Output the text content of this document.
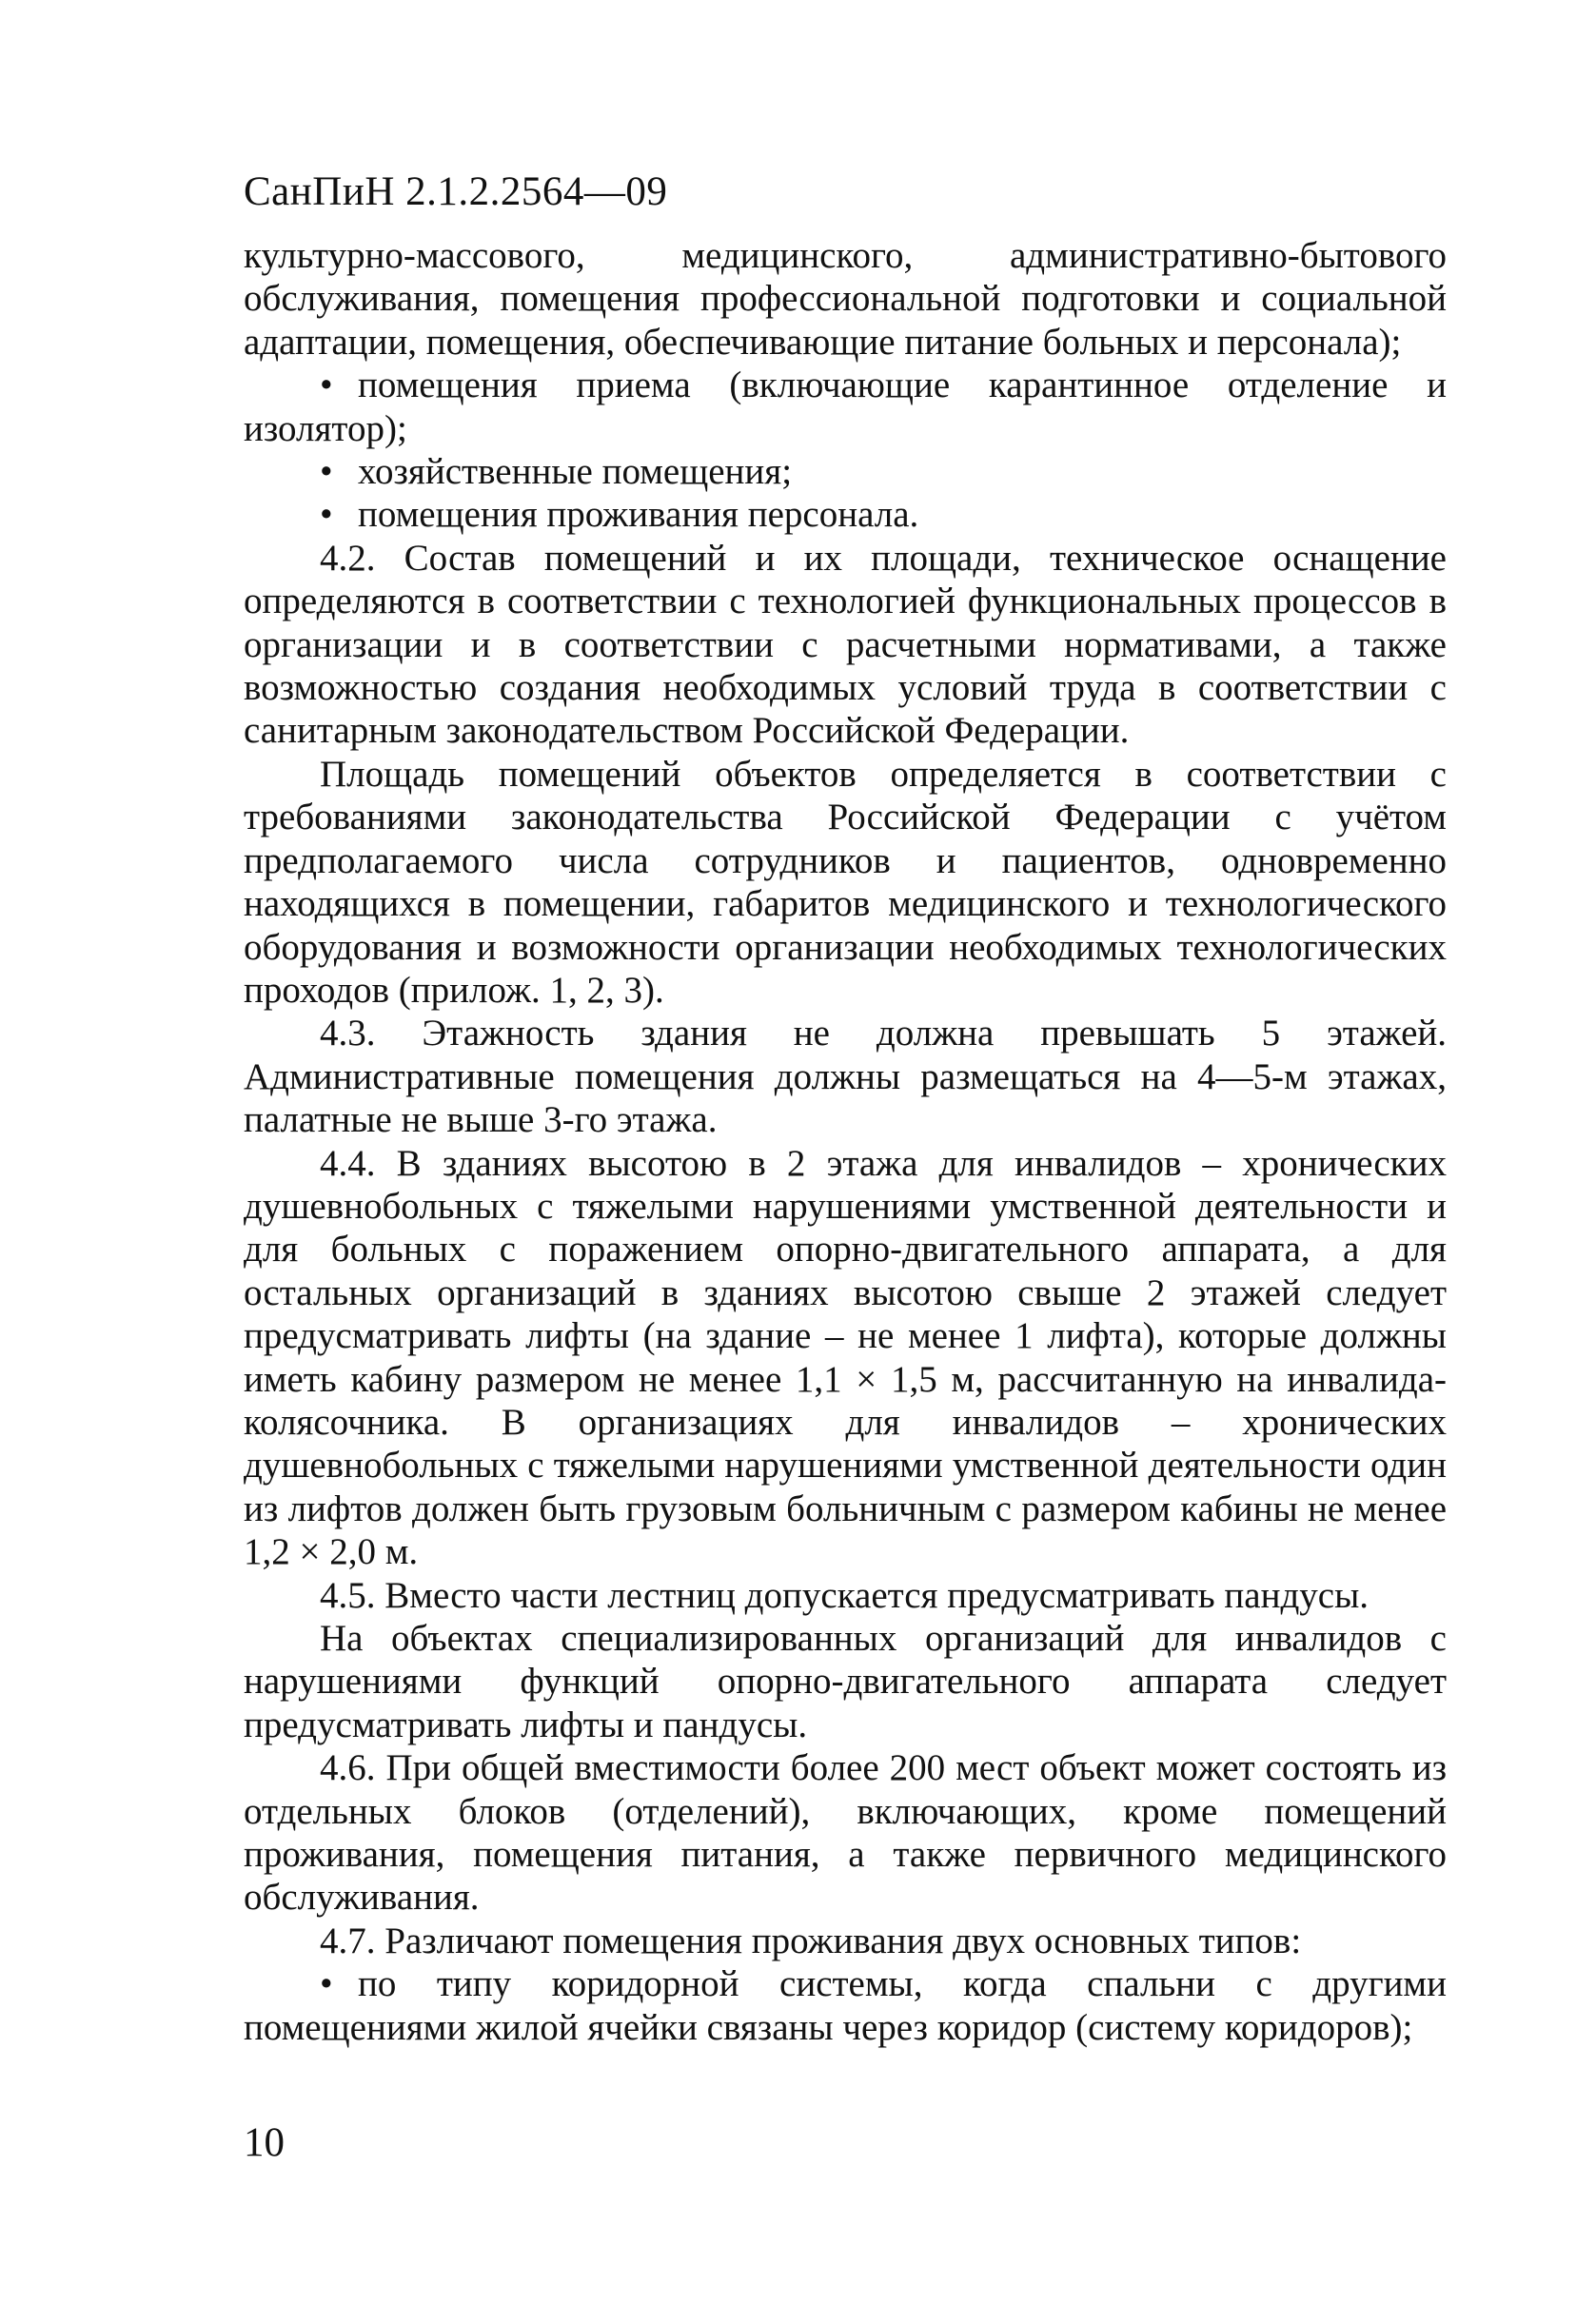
СанПиН 2.1.2.2564—09

культурно-массового, медицинского, административно-бытового обслуживания, помещения профессиональной подготовки и социальной адаптации, помещения, обеспечивающие питание больных и персонала);

• помещения приема (включающие карантинное отделение и изолятор);

• хозяйственные помещения;

• помещения проживания персонала.

4.2. Состав помещений и их площади, техническое оснащение определяются в соответствии с технологией функциональных процессов в организации и в соответствии с расчетными нормативами, а также возможностью создания необходимых условий труда в соответствии с санитарным законодательством Российской Федерации.

Площадь помещений объектов определяется в соответствии с требованиями законодательства Российской Федерации с учётом предполагаемого числа сотрудников и пациентов, одновременно находящихся в помещении, габаритов медицинского и технологического оборудования и возможности организации необходимых технологических проходов (прилож. 1, 2, 3).

4.3. Этажность здания не должна превышать 5 этажей. Административные помещения должны размещаться на 4—5-м этажах, палатные не выше 3-го этажа.

4.4. В зданиях высотою в 2 этажа для инвалидов – хронических душевнобольных с тяжелыми нарушениями умственной деятельности и для больных с поражением опорно-двигательного аппарата, а для остальных организаций в зданиях высотою свыше 2 этажей следует предусматривать лифты (на здание – не менее 1 лифта), которые должны иметь кабину размером не менее 1,1 × 1,5 м, рассчитанную на инвалида-колясочника. В организациях для инвалидов – хронических душевнобольных с тяжелыми нарушениями умственной деятельности один из лифтов должен быть грузовым больничным с размером кабины не менее 1,2 × 2,0 м.

4.5. Вместо части лестниц допускается предусматривать пандусы.

На объектах специализированных организаций для инвалидов с нарушениями функций опорно-двигательного аппарата следует предусматривать лифты и пандусы.

4.6. При общей вместимости более 200 мест объект может состоять из отдельных блоков (отделений), включающих, кроме помещений проживания, помещения питания, а также первичного медицинского обслуживания.

4.7. Различают помещения проживания двух основных типов:

• по типу коридорной системы, когда спальни с другими помещениями жилой ячейки связаны через коридор (систему коридоров);

10
